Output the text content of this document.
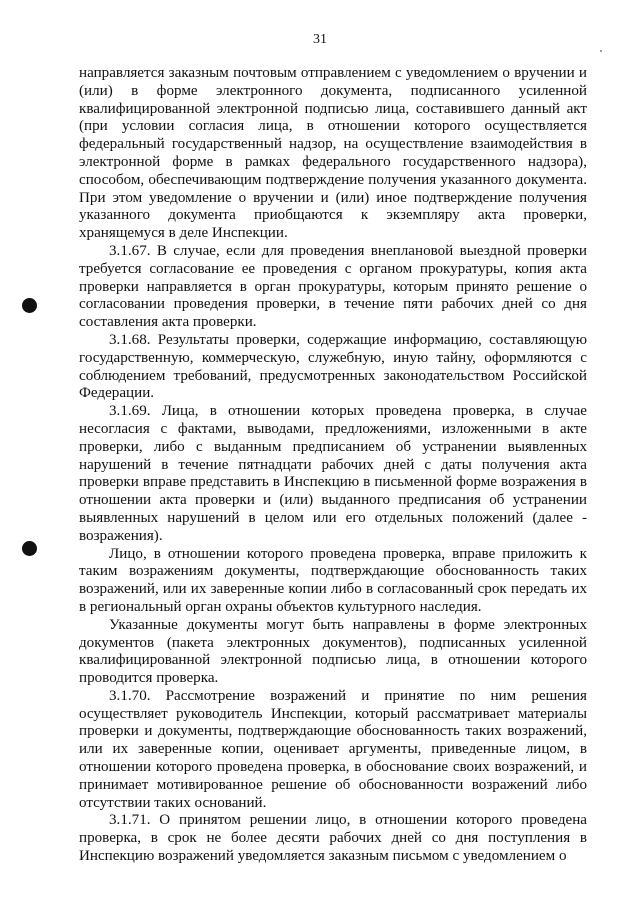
31

направляется заказным почтовым отправлением с уведомлением о вручении и (или) в форме электронного документа, подписанного усиленной квалифицированной электронной подписью лица, составившего данный акт (при условии согласия лица, в отношении которого осуществляется федеральный государственный надзор, на осуществление взаимодействия в электронной форме в рамках федерального государственного надзора), способом, обеспечивающим подтверждение получения указанного документа. При этом уведомление о вручении и (или) иное подтверждение получения указанного документа приобщаются к экземпляру акта проверки, хранящемуся в деле Инспекции.

3.1.67. В случае, если для проведения внеплановой выездной проверки требуется согласование ее проведения с органом прокуратуры, копия акта проверки направляется в орган прокуратуры, которым принято решение о согласовании проведения проверки, в течение пяти рабочих дней со дня составления акта проверки.

3.1.68. Результаты проверки, содержащие информацию, составляющую государственную, коммерческую, служебную, иную тайну, оформляются с соблюдением требований, предусмотренных законодательством Российской Федерации.

3.1.69. Лица, в отношении которых проведена проверка, в случае несогласия с фактами, выводами, предложениями, изложенными в акте проверки, либо с выданным предписанием об устранении выявленных нарушений в течение пятнадцати рабочих дней с даты получения акта проверки вправе представить в Инспекцию в письменной форме возражения в отношении акта проверки и (или) выданного предписания об устранении выявленных нарушений в целом или его отдельных положений (далее - возражения).

Лицо, в отношении которого проведена проверка, вправе приложить к таким возражениям документы, подтверждающие обоснованность таких возражений, или их заверенные копии либо в согласованный срок передать их в региональный орган охраны объектов культурного наследия.

Указанные документы могут быть направлены в форме электронных документов (пакета электронных документов), подписанных усиленной квалифицированной электронной подписью лица, в отношении которого проводится проверка.

3.1.70. Рассмотрение возражений и принятие по ним решения осуществляет руководитель Инспекции, который рассматривает материалы проверки и документы, подтверждающие обоснованность таких возражений, или их заверенные копии, оценивает аргументы, приведенные лицом, в отношении которого проведена проверка, в обоснование своих возражений, и принимает мотивированное решение об обоснованности возражений либо отсутствии таких оснований.

3.1.71. О принятом решении лицо, в отношении которого проведена проверка, в срок не более десяти рабочих дней со дня поступления в Инспекцию возражений уведомляется заказным письмом с уведомлением о
